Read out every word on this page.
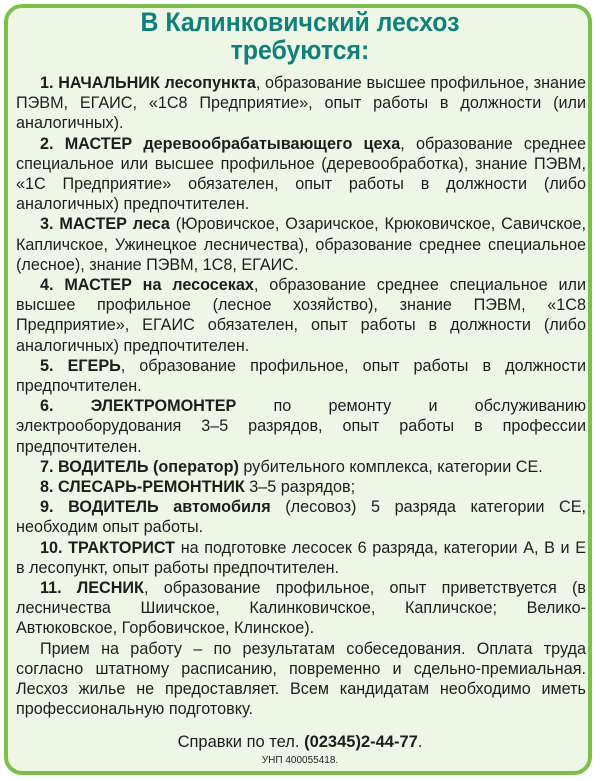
В Калинковичский лесхоз
требуются:

1. НАЧАЛЬНИК лесопункта, образование высшее профильное, знание ПЭВМ, ЕГАИС, «1С8 Предприятие», опыт работы в должности (или аналогичных).

2. МАСТЕР деревообрабатывающего цеха, образование среднее специальное или высшее профильное (деревообработка), знание ПЭВМ, «1С Предприятие» обязателен, опыт работы в должности (либо аналогичных) предпочтителен.

3. МАСТЕР леса (Юровичское, Озаричское, Крюковичское, Савичское, Капличское, Ужинецкое лесничества), образование среднее специальное (лесное), знание ПЭВМ, 1С8, ЕГАИС.

4. МАСТЕР на лесосеках, образование среднее специальное или высшее профильное (лесное хозяйство), знание ПЭВМ, «1С8 Предприятие», ЕГАИС обязателен, опыт работы в должности (либо аналогичных) предпочтителен.

5. ЕГЕРЬ, образование профильное, опыт работы в должности предпочтителен.

6. ЭЛЕКТРОМОНТЕР по ремонту и обслуживанию электрооборудования 3–5 разрядов, опыт работы в профессии предпочтителен.

7. ВОДИТЕЛЬ (оператор) рубительного комплекса, категории СЕ.

8. СЛЕСАРЬ-РЕМОНТНИК 3–5 разрядов;

9. ВОДИТЕЛЬ автомобиля (лесовоз) 5 разряда категории СЕ, необходим опыт работы.

10. ТРАКТОРИСТ на подготовке лесосек 6 разряда, категории А, В и Е в лесопункт, опыт работы предпочтителен.

11. ЛЕСНИК, образование профильное, опыт приветствуется (в лесничества Шиичское, Калинковичское, Капличское; Велико-Автюковское, Горбовичское, Клинское).

Прием на работу – по результатам собеседования. Оплата труда согласно штатному расписанию, повременно и сдельно-премиальная. Лесхоз жилье не предоставляет. Всем кандидатам необходимо иметь профессиональную подготовку.

Справки по тел. (02345)2-44-77.
УНП 400055418.
